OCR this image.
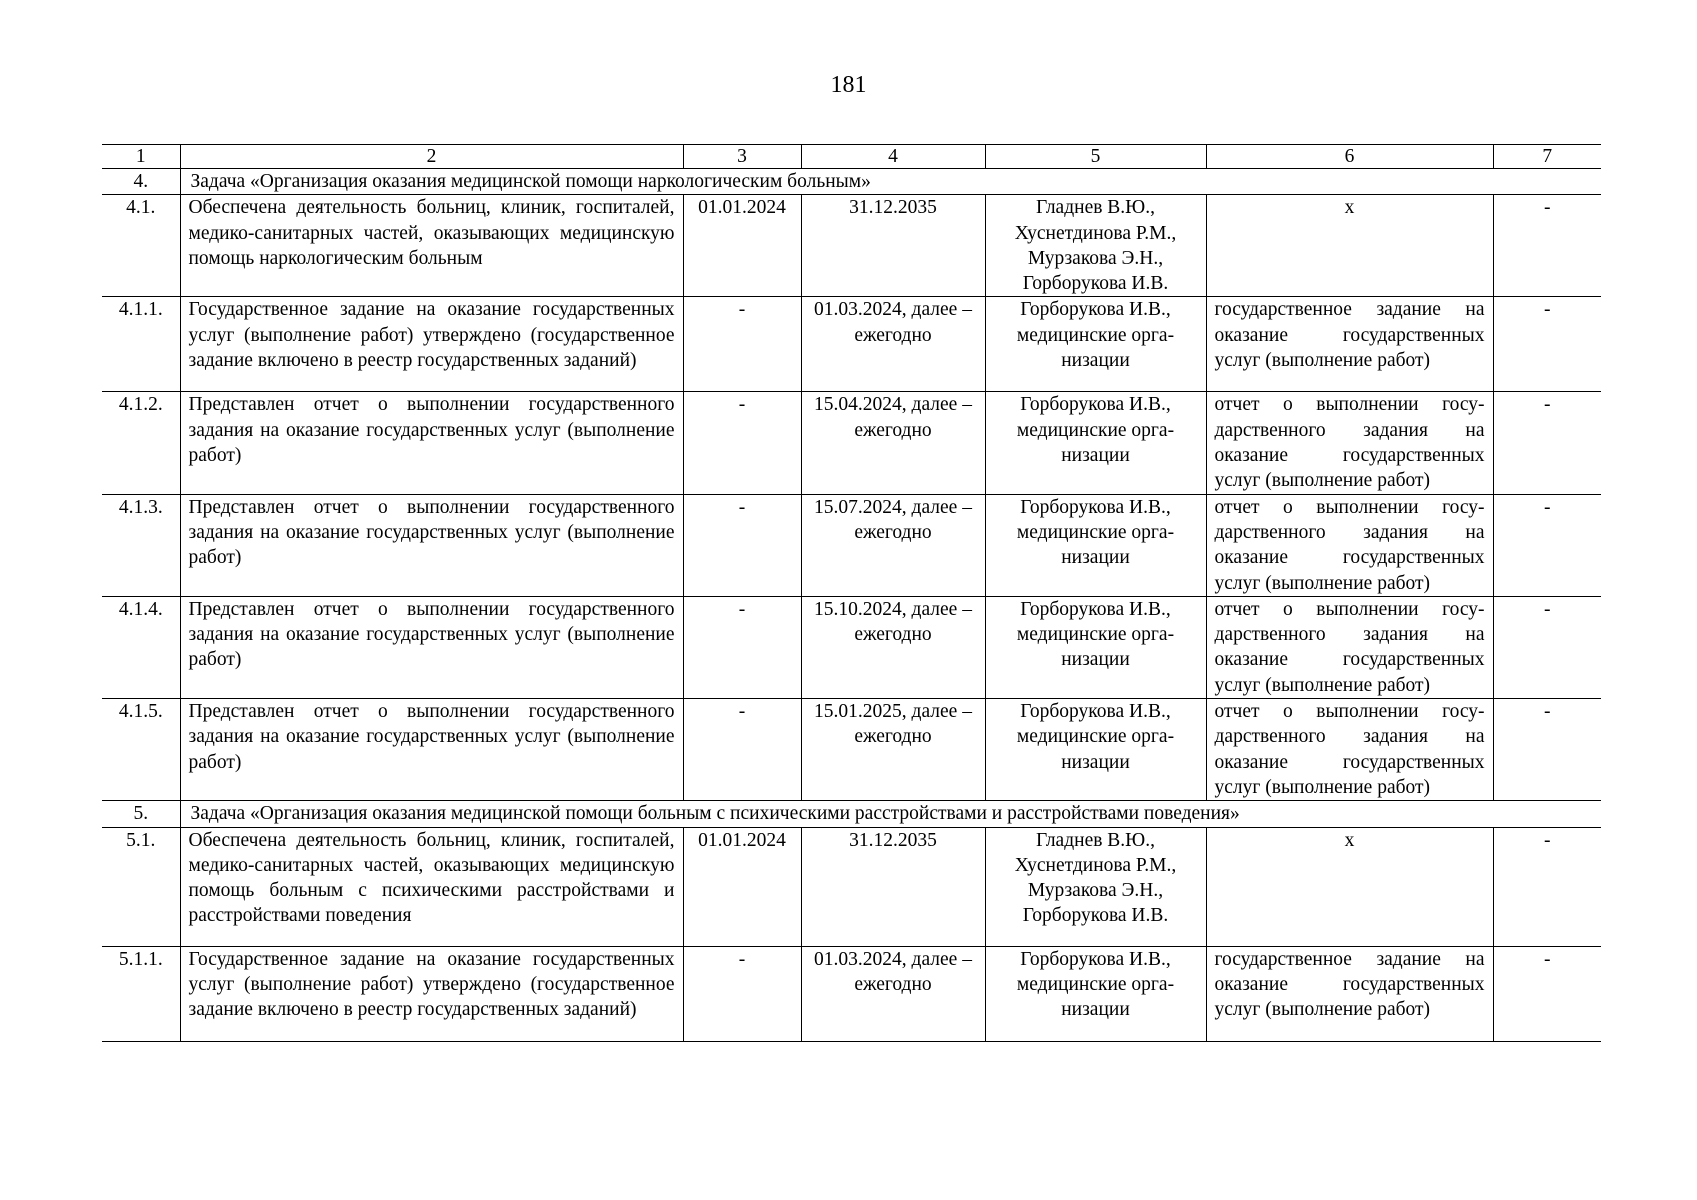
181
1	2	3	4	5	6	7
4.	Задача «Организация оказания медицинской помощи наркологическим больным»					
4.1.	Обеспечена деятельность больниц, клиник, госпиталей, медико-санитарных частей, оказывающих медицинскую помощь наркологическим больным	01.01.2024	31.12.2035	Гладнев В.Ю., Хуснетдинова Р.М., Мурзакова Э.Н., Горборукова И.В.	х	-
4.1.1.	Государственное задание на оказание государственных услуг (выполнение работ) утверждено (государственное задание включено в реестр государственных заданий)	-	01.03.2024, далее – ежегодно	Горборукова И.В., медицинские организации	государственное задание на оказание государственных услуг (выполнение работ)	-
4.1.2.	Представлен отчет о выполнении государственного задания на оказание государственных услуг (выполнение работ)	-	15.04.2024, далее – ежегодно	Горборукова И.В., медицинские организации	отчет о выполнении государственного задания на оказание государственных услуг (выполнение работ)	-
4.1.3.	Представлен отчет о выполнении государственного задания на оказание государственных услуг (выполнение работ)	-	15.07.2024, далее – ежегодно	Горборукова И.В., медицинские организации	отчет о выполнении государственного задания на оказание государственных услуг (выполнение работ)	-
4.1.4.	Представлен отчет о выполнении государственного задания на оказание государственных услуг (выполнение работ)	-	15.10.2024, далее – ежегодно	Горборукова И.В., медицинские организации	отчет о выполнении государственного задания на оказание государственных услуг (выполнение работ)	-
4.1.5.	Представлен отчет о выполнении государственного задания на оказание государственных услуг (выполнение работ)	-	15.01.2025, далее – ежегодно	Горборукова И.В., медицинские организации	отчет о выполнении государственного задания на оказание государственных услуг (выполнение работ)	-
5.	Задача «Организация оказания медицинской помощи больным с психическими расстройствами и расстройствами поведения»					
5.1.	Обеспечена деятельность больниц, клиник, госпиталей, медико-санитарных частей, оказывающих медицинскую помощь больным с психическими расстройствами и расстройствами поведения	01.01.2024	31.12.2035	Гладнев В.Ю., Хуснетдинова Р.М., Мурзакова Э.Н., Горборукова И.В.	х	-
5.1.1.	Государственное задание на оказание государственных услуг (выполнение работ) утверждено (государственное задание включено в реестр государственных заданий)	-	01.03.2024, далее – ежегодно	Горборукова И.В., медицинские организации	государственное задание на оказание государственных услуг (выполнение работ)	-
